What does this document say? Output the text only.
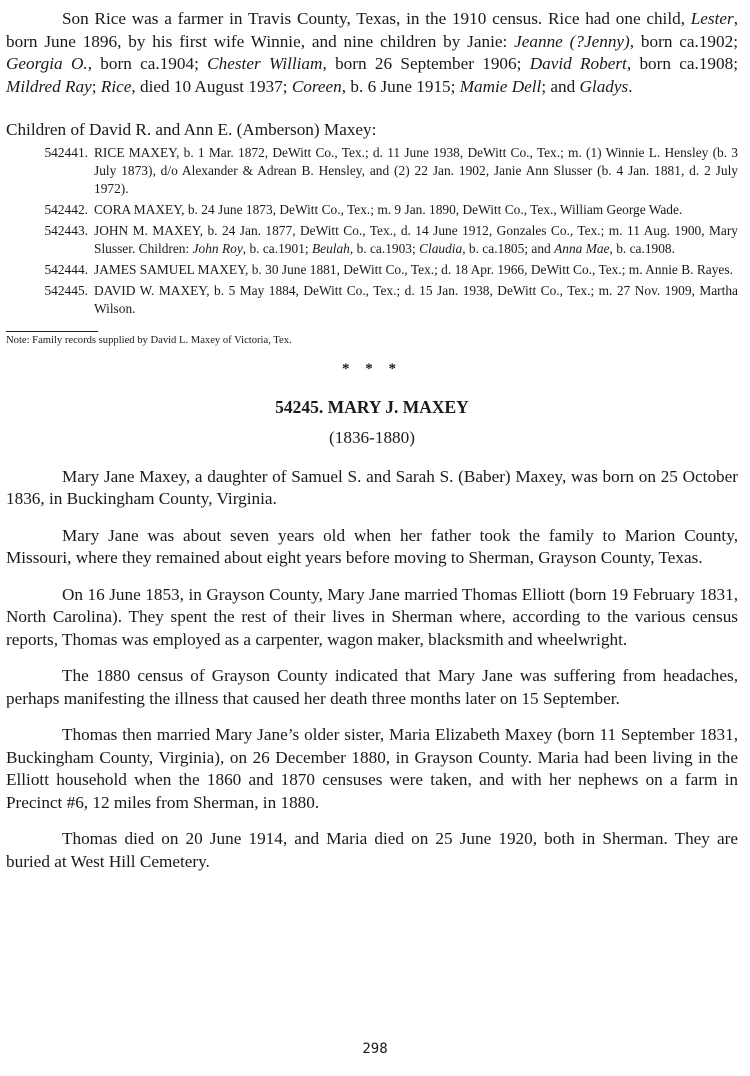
Son Rice was a farmer in Travis County, Texas, in the 1910 census. Rice had one child, Lester, born June 1896, by his first wife Winnie, and nine children by Janie: Jeanne (?Jenny), born ca.1902; Georgia O., born ca.1904; Chester William, born 26 September 1906; David Robert, born ca.1908; Mildred Ray; Rice, died 10 August 1937; Coreen, b. 6 June 1915; Mamie Dell; and Gladys.

Children of David R. and Ann E. (Amberson) Maxey:

542441. RICE MAXEY, b. 1 Mar. 1872, DeWitt Co., Tex.; d. 11 June 1938, DeWitt Co., Tex.; m. (1) Winnie L. Hensley (b. 3 July 1873), d/o Alexander & Adrean B. Hensley, and (2) 22 Jan. 1902, Janie Ann Slusser (b. 4 Jan. 1881, d. 2 July 1972).
542442. CORA MAXEY, b. 24 June 1873, DeWitt Co., Tex.; m. 9 Jan. 1890, DeWitt Co., Tex., William George Wade.
542443. JOHN M. MAXEY, b. 24 Jan. 1877, DeWitt Co., Tex., d. 14 June 1912, Gonzales Co., Tex.; m. 11 Aug. 1900, Mary Slusser. Children: John Roy, b. ca.1901; Beulah, b. ca.1903; Claudia, b. ca.1805; and Anna Mae, b. ca.1908.
542444. JAMES SAMUEL MAXEY, b. 30 June 1881, DeWitt Co., Tex.; d. 18 Apr. 1966, DeWitt Co., Tex.; m. Annie B. Rayes.
542445. DAVID W. MAXEY, b. 5 May 1884, DeWitt Co., Tex.; d. 15 Jan. 1938, DeWitt Co., Tex.; m. 27 Nov. 1909, Martha Wilson.

Note: Family records supplied by David L. Maxey of Victoria, Tex.

* * *
54245. MARY J. MAXEY
(1836-1880)

Mary Jane Maxey, a daughter of Samuel S. and Sarah S. (Baber) Maxey, was born on 25 October 1836, in Buckingham County, Virginia.

Mary Jane was about seven years old when her father took the family to Marion County, Missouri, where they remained about eight years before moving to Sherman, Grayson County, Texas.

On 16 June 1853, in Grayson County, Mary Jane married Thomas Elliott (born 19 February 1831, North Carolina). They spent the rest of their lives in Sherman where, according to the various census reports, Thomas was employed as a carpenter, wagon maker, blacksmith and wheelwright.

The 1880 census of Grayson County indicated that Mary Jane was suffering from headaches, perhaps manifesting the illness that caused her death three months later on 15 September.

Thomas then married Mary Jane’s older sister, Maria Elizabeth Maxey (born 11 September 1831, Buckingham County, Virginia), on 26 December 1880, in Grayson County. Maria had been living in the Elliott household when the 1860 and 1870 censuses were taken, and with her nephews on a farm in Precinct #6, 12 miles from Sherman, in 1880.

Thomas died on 20 June 1914, and Maria died on 25 June 1920, both in Sherman. They are buried at West Hill Cemetery.

298
